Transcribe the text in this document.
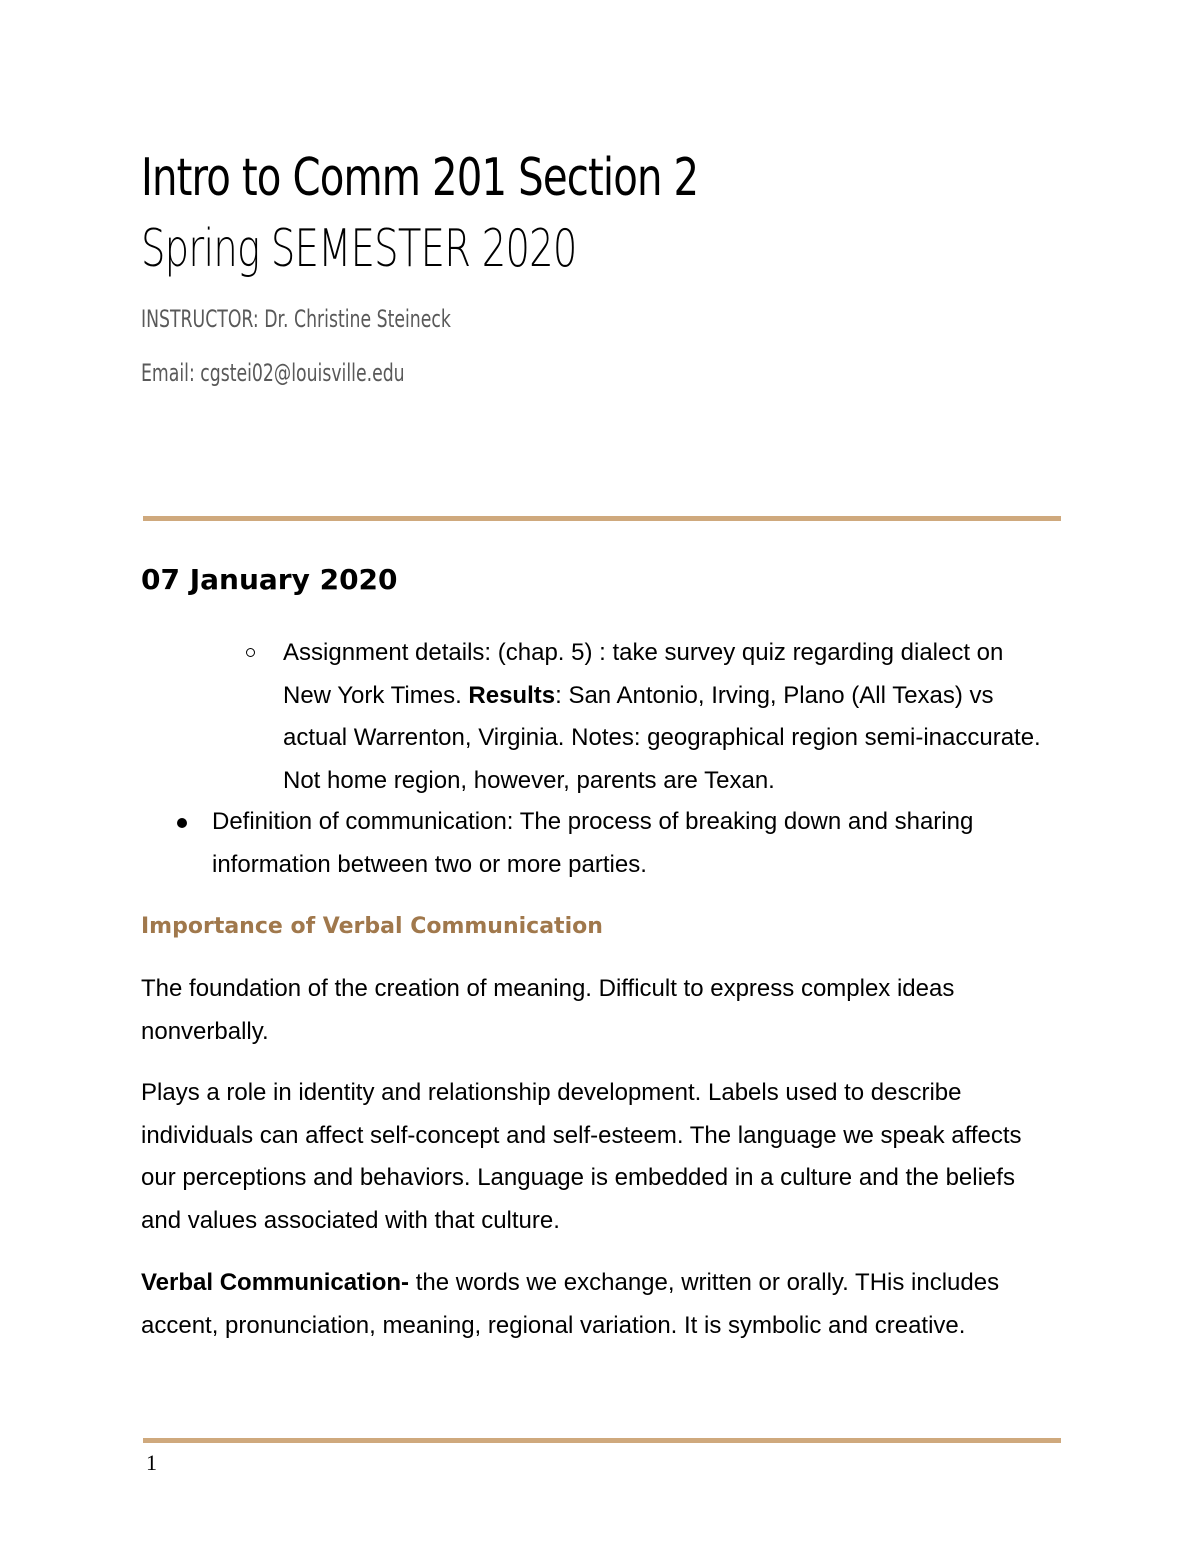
Intro to Comm 201 Section 2
Spring SEMESTER 2020
INSTRUCTOR: Dr. Christine Steineck
Email: cgstei02@louisville.edu
07 January 2020
Assignment details: (chap. 5) : take survey quiz regarding dialect on New York Times. Results: San Antonio, Irving, Plano (All Texas) vs actual Warrenton, Virginia. Notes: geographical region semi-inaccurate. Not home region, however, parents are Texan.
Definition of communication: The process of breaking down and sharing information between two or more parties.
Importance of Verbal Communication

The foundation of the creation of meaning. Difficult to express complex ideas nonverbally.

Plays a role in identity and relationship development. Labels used to describe individuals can affect self-concept and self-esteem. The language we speak affects our perceptions and behaviors. Language is embedded in a culture and the beliefs and values associated with that culture.

Verbal Communication- the words we exchange, written or orally. THis includes accent, pronunciation, meaning, regional variation. It is symbolic and creative.

1
